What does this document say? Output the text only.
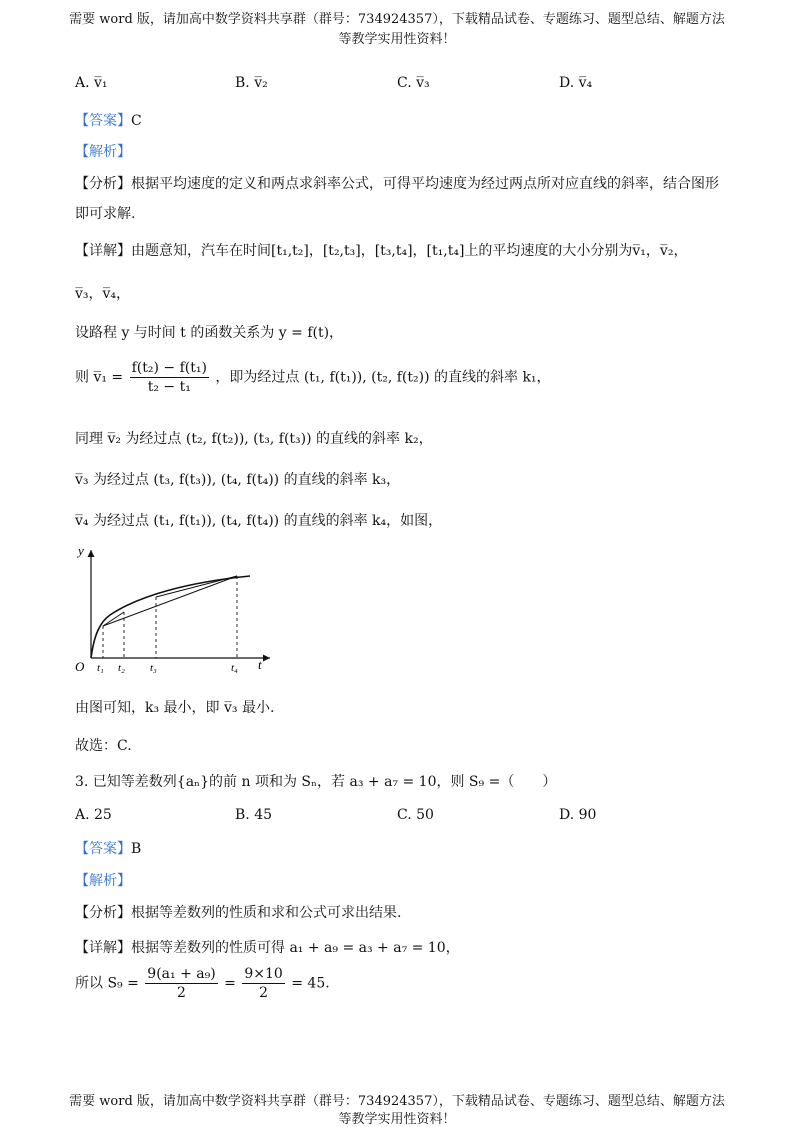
需要 word 版，请加高中数学资料共享群（群号：734924357），下载精品试卷、专题练习、题型总结、解题方法
等教学实用性资料！
A. v̅₁	B. v̅₂	C. v̅₃	D. v̅₄
【答案】C
【解析】
【分析】根据平均速度的定义和两点求斜率公式，可得平均速度为经过两点所对应直线的斜率，结合图形
即可求解.
【详解】由题意知，汽车在时间[t₁,t₂]，[t₂,t₃]，[t₃,t₄]，[t₁,t₄]上的平均速度的大小分别为v̅₁，v̅₂，
v̅₃，v̅₄，
设路程 y 与时间 t 的函数关系为 y = f(t)，
则 v̅₁ = $\frac{\text{f(t₂) − f(t₁)}}{\text{t₂ − t₁}}$ ，即为经过点 (t₁, f(t₁)), (t₂, f(t₂)) 的直线的斜率 k₁，
同理 v̅₂ 为经过点 (t₂, f(t₂)), (t₃, f(t₃)) 的直线的斜率 k₂，
v̅₃ 为经过点 (t₃, f(t₃)), (t₄, f(t₄)) 的直线的斜率 k₃，
v̅₄ 为经过点 (t₁, f(t₁)), (t₄, f(t₄)) 的直线的斜率 k₄，如图，
y
t
O t₁ t₂ t₃	t₄
由图可知，k₃ 最小，即 v̅₃ 最小.
故选：C.
3. 已知等差数列{aₙ}的前 n 项和为 Sₙ，若 a₃ + a₇ = 10，则 S₉ =（　　）
A. 25	B. 45	C. 50	D. 90
【答案】B
【解析】
【分析】根据等差数列的性质和求和公式可求出结果.
【详解】根据等差数列的性质可得 a₁ + a₉ = a₃ + a₇ = 10，
所以 $S_9 = \frac{\text{9(a₁ + a₉)}}{2} = \frac{9\times 10}{2} = 45$.
需要 word 版，请加高中数学资料共享群（群号：734924357），下载精品试卷、专题练习、题型总结、解题方法
等教学实用性资料！
